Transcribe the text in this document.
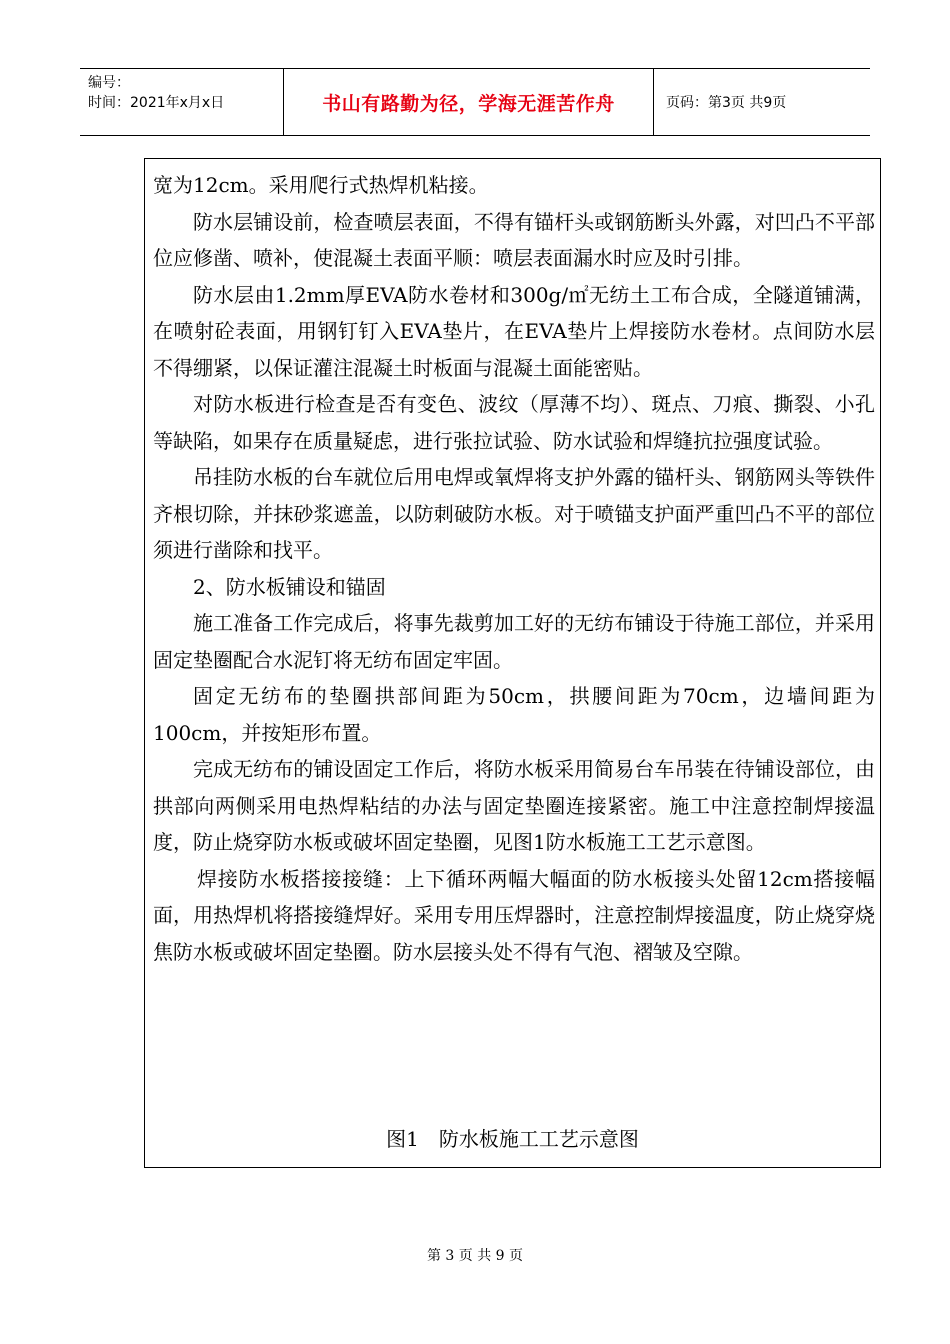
编号：
时间：2021年x月x日	书山有路勤为径，学海无涯苦作舟	页码：第3页 共9页

宽为12cm。采用爬行式热焊机粘接。

防水层铺设前，检查喷层表面，不得有锚杆头或钢筋断头外露，对凹凸不平部位应修凿、喷补，使混凝土表面平顺：喷层表面漏水时应及时引排。

防水层由1.2mm厚EVA防水卷材和300g/㎡无纺土工布合成，全隧道铺满，在喷射砼表面，用钢钉钉入EVA垫片，在EVA垫片上焊接防水卷材。点间防水层不得绷紧，以保证灌注混凝土时板面与混凝土面能密贴。

对防水板进行检查是否有变色、波纹（厚薄不均）、斑点、刀痕、撕裂、小孔等缺陷，如果存在质量疑虑，进行张拉试验、防水试验和焊缝抗拉强度试验。

吊挂防水板的台车就位后用电焊或氧焊将支护外露的锚杆头、钢筋网头等铁件齐根切除，并抹砂浆遮盖，以防刺破防水板。对于喷锚支护面严重凹凸不平的部位须进行凿除和找平。

2、防水板铺设和锚固

施工准备工作完成后，将事先裁剪加工好的无纺布铺设于待施工部位，并采用固定垫圈配合水泥钉将无纺布固定牢固。

固定无纺布的垫圈拱部间距为50cm，拱腰间距为70cm，边墙间距为100cm，并按矩形布置。

完成无纺布的铺设固定工作后，将防水板采用简易台车吊装在待铺设部位，由拱部向两侧采用电热焊粘结的办法与固定垫圈连接紧密。施工中注意控制焊接温度，防止烧穿防水板或破坏固定垫圈，见图1防水板施工工艺示意图。

焊接防水板搭接接缝：上下循环两幅大幅面的防水板接头处留12cm搭接幅面，用热焊机将搭接缝焊好。采用专用压焊器时，注意控制焊接温度，防止烧穿烧焦防水板或破坏固定垫圈。防水层接头处不得有气泡、褶皱及空隙。

图1　防水板施工工艺示意图
第 3 页 共 9 页
